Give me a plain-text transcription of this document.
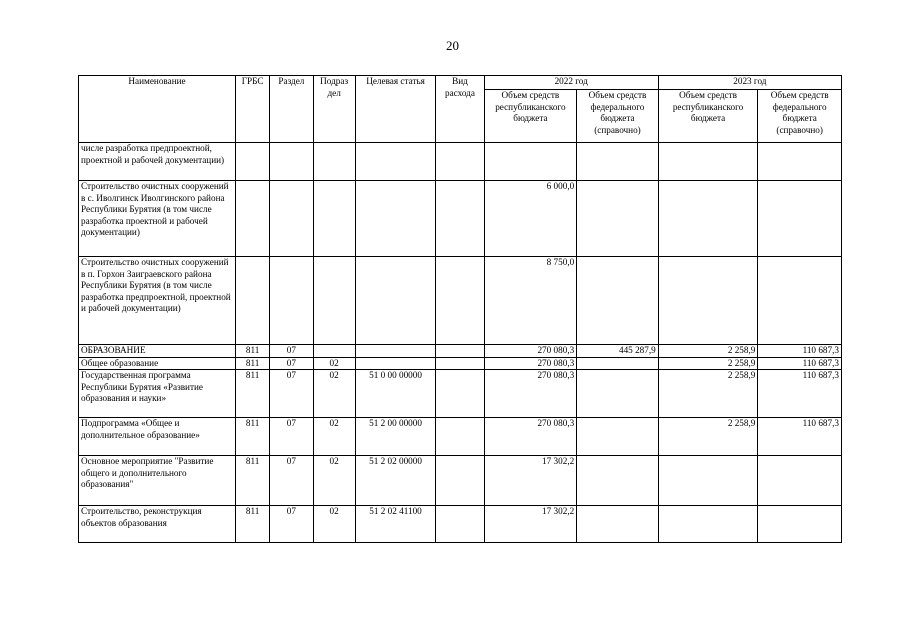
20
Наименование	ГРБС	Раздел	Подраз дел	Целевая статья	Вид расхода	2022 год		2023 год	
						Объем средств республиканского бюджета	Объем средств федерального бюджета (справочно)	Объем средств республиканского бюджета	Объем средств федерального бюджета (справочно)
числе разработка предпроектной, проектной и рабочей документации)									
Строительство очистных сооружений в с. Иволгинск Иволгинского района Республики Бурятия (в том числе разработка проектной и рабочей документации)						6 000,0			
Строительство очистных сооружений в п. Горхон Заиграевского района Республики Бурятия (в том числе разработка предпроектной, проектной и рабочей документации)						8 750,0			
ОБРАЗОВАНИЕ	811	07				270 080,3	445 287,9	2 258,9	110 687,3
Общее образование	811	07	02			270 080,3		2 258,9	110 687,3
Государственная программа Республики Бурятия «Развитие образования и науки»	811	07	02	51 0 00 00000		270 080,3		2 258,9	110 687,3
Подпрограмма «Общее и дополнительное образование»	811	07	02	51 2 00 00000		270 080,3		2 258,9	110 687,3
Основное мероприятие "Развитие общего и дополнительного образования"	811	07	02	51 2 02 00000		17 302,2			
Строительство, реконструкция объектов образования	811	07	02	51 2 02 41100		17 302,2			
